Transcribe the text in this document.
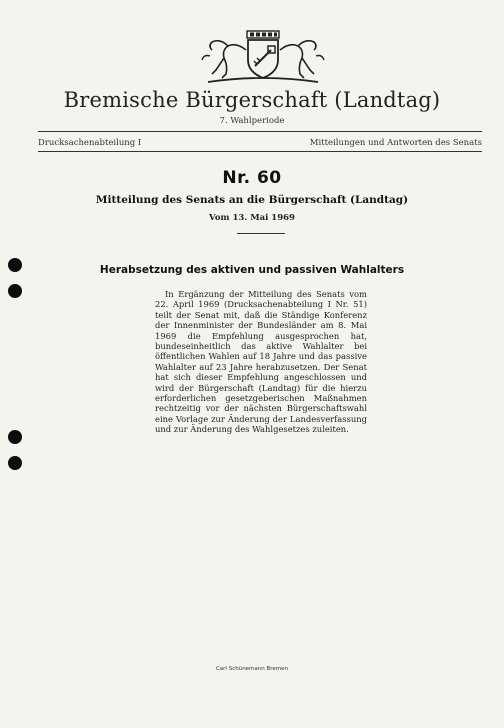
Bremische Bürgerschaft (Landtag)
7. Wahlperiode
Drucksachenabteilung I	Mitteilungen und Antworten des Senats
Nr. 60
Mitteilung des Senats an die Bürgerschaft (Landtag)
Vom 13. Mai 1969
Herabsetzung des aktiven und passiven Wahlalters

In Ergänzung der Mitteilung des Senats vom 22. April 1969 (Drucksachenabteilung I Nr. 51) teilt der Senat mit, daß die Ständige Konferenz der Innenminister der Bundesländer am 8. Mai 1969 die Empfehlung ausgesprochen hat, bundeseinheitlich das aktive Wahlalter bei öffentlichen Wahlen auf 18 Jahre und das passive Wahlalter auf 23 Jahre herabzusetzen. Der Senat hat sich dieser Empfehlung angeschlossen und wird der Bürgerschaft (Landtag) für die hierzu erforderlichen gesetzgeberischen Maßnahmen rechtzeitig vor der nächsten Bürgerschaftswahl eine Vorlage zur Änderung der Landesverfassung und zur Änderung des Wahlgesetzes zuleiten.

Carl Schünemann Bremen
